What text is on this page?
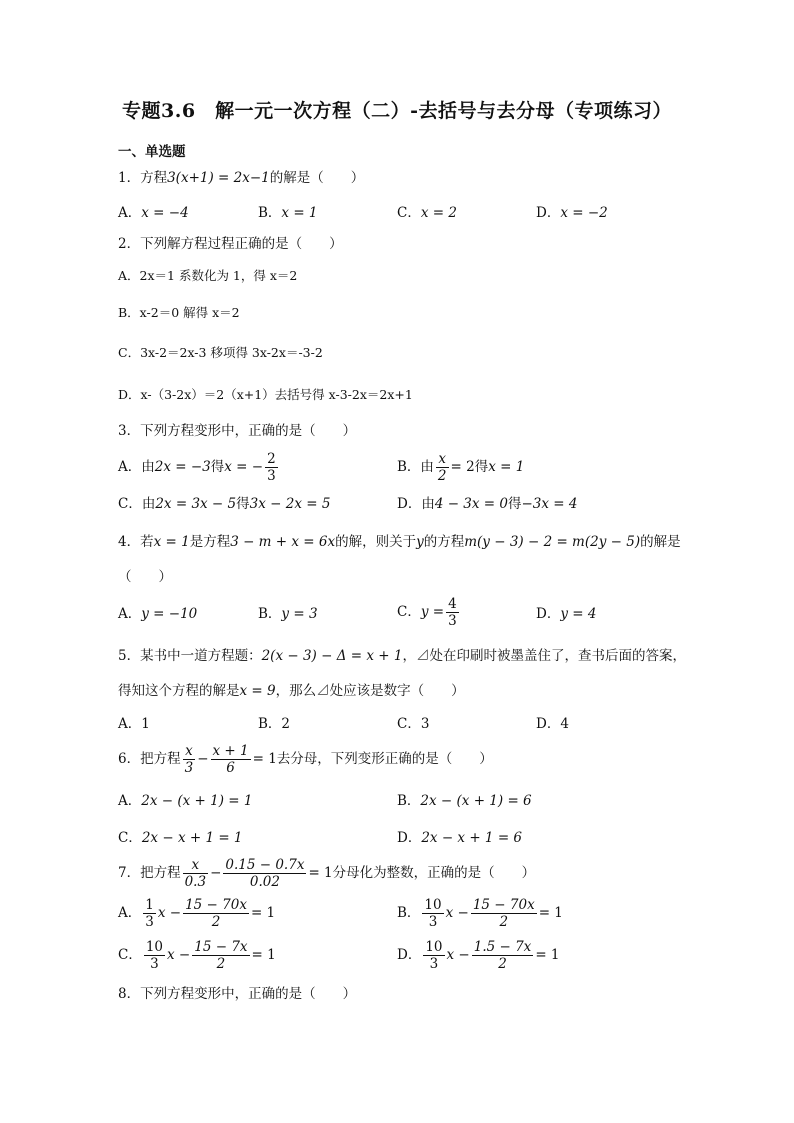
专题3.6　解一元一次方程（二）-去括号与去分母（专项练习）
一、单选题
1．方程3(x+1) = 2x−1的解是（　　）
A．x = −4	B．x = 1	C．x = 2	D．x = −2
2．下列解方程过程正确的是（　　）
A．2x＝1 系数化为 1，得 x＝2
B．x-2＝0 解得 x＝2
C．3x-2＝2x-3 移项得 3x-2x＝-3-2
D．x-（3-2x）＝2（x+1）去括号得 x-3-2x＝2x+1
3．下列方程变形中，正确的是（　　）
A．由2x = −3得x = − $\frac{2}{3}$	B．由 $\frac{x}{2} = 2$得x = 1
C．由2x = 3x − 5得3x − 2x = 5	D．由4 − 3x = 0得−3x = 4
4．若x = 1是方程3 − m + x = 6x的解，则关于y的方程m(y − 3) − 2 = m(2y − 5)的解是
（　　）
A．y = −10	B．y = 3	C．$y = \frac{4}{3}$	D．y = 4
5．某书中一道方程题：2(x − 3) − Δ = x + 1，⊿处在印刷时被墨盖住了，查书后面的答案，
得知这个方程的解是x = 9，那么⊿处应该是数字（　　）
A．1	B．2	C．3	D．4
6．把方程 $\frac{x}{3} - \frac{x + 1}{6} = 1$去分母，下列变形正确的是（　　）
A．2x − (x + 1) = 1	B．2x − (x + 1) = 6
C．2x − x + 1 = 1	D．2x − x + 1 = 6
7．把方程 $\frac{x}{0.3} - \frac{0.15 - 0.7x}{0.02} = 1$分母化为整数，正确的是（　　）
A． $\frac{1}{3}$ $x - \frac{15 - 70x}{2} = 1$	B． $\frac{10}{3}$ $x - \frac{15 - 70x}{2} = 1$
C． $\frac{10}{3}$ $x - \frac{15 - 7x}{2} = 1$	D． $\frac{10}{3}$ $x - \frac{1.5 - 7x}{2} = 1$
8．下列方程变形中，正确的是（　　）
